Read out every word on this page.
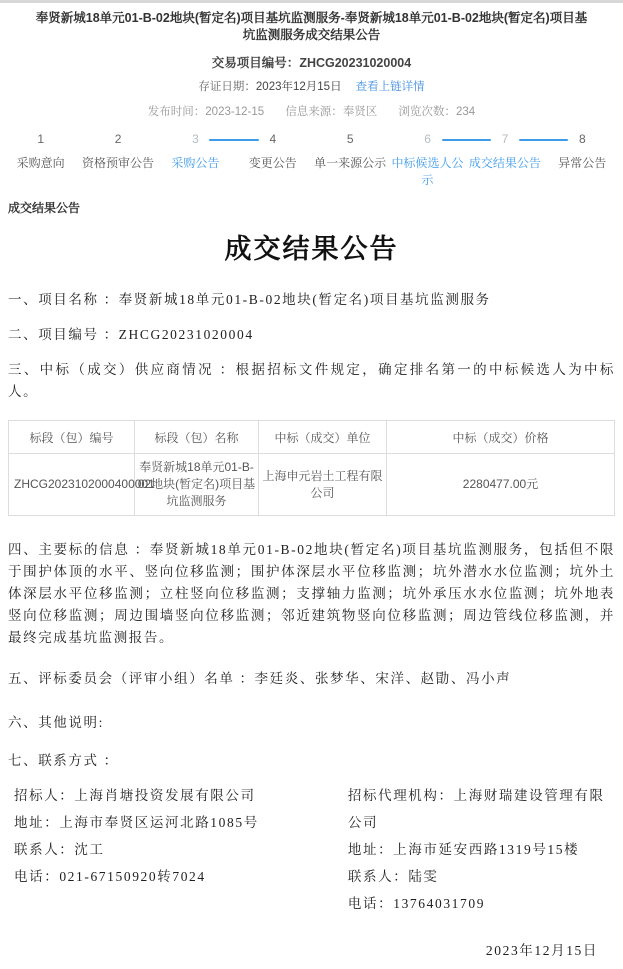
奉贤新城18单元01-B-02地块(暂定名)项目基坑监测服务-奉贤新城18单元01-B-02地块(暂定名)项目基坑监测服务成交结果公告
交易项目编号：ZHCG20231020004
存证日期：2023年12月15日 查看上链详情
发布时间：2023-12-15 信息来源：奉贤区 浏览次数：234
1
采购意向
2
资格预审公告
3
采购公告
4
变更公告
5
单一来源公示
6
中标候选人公示
7
成交结果公告
8
异常公告
成交结果公告
成交结果公告

一、项目名称 ：奉贤新城18单元01-B-02地块(暂定名)项目基坑监测服务

二、项目编号 ：ZHCG20231020004

三、中标（成交）供应商情况 ：根据招标文件规定，确定排名第一的中标候选人为中标人。

标段（包）编号	标段（包）名称	中标（成交）单位	中标（成交）价格
ZHCG2023102000400001	奉贤新城18单元01-B-02地块(暂定名)项目基坑监测服务	上海申元岩土工程有限公司	2280477.00元

四、主要标的信息 ：奉贤新城18单元01-B-02地块(暂定名)项目基坑监测服务，包括但不限于围护体顶的水平、竖向位移监测；围护体深层水平位移监测；坑外潜水水位监测；坑外土体深层水平位移监测；立柱竖向位移监测；支撑轴力监测；坑外承压水水位监测；坑外地表竖向位移监测；周边围墙竖向位移监测；邻近建筑物竖向位移监测；周边管线位移监测，并最终完成基坑监测报告。

五、评标委员会（评审小组）名单 ：李廷炎、张梦华、宋洋、赵勖、冯小声

六、其他说明:

七、联系方式 ：

招标人：上海肖塘投资发展有限公司
地址：上海市奉贤区运河北路1085号
联系人：沈工
电话：021-67150920转7024
招标代理机构：上海财瑞建设管理有限公司
地址：上海市延安西路1319号15楼
联系人：陆雯
电话：13764031709
2023年12月15日
